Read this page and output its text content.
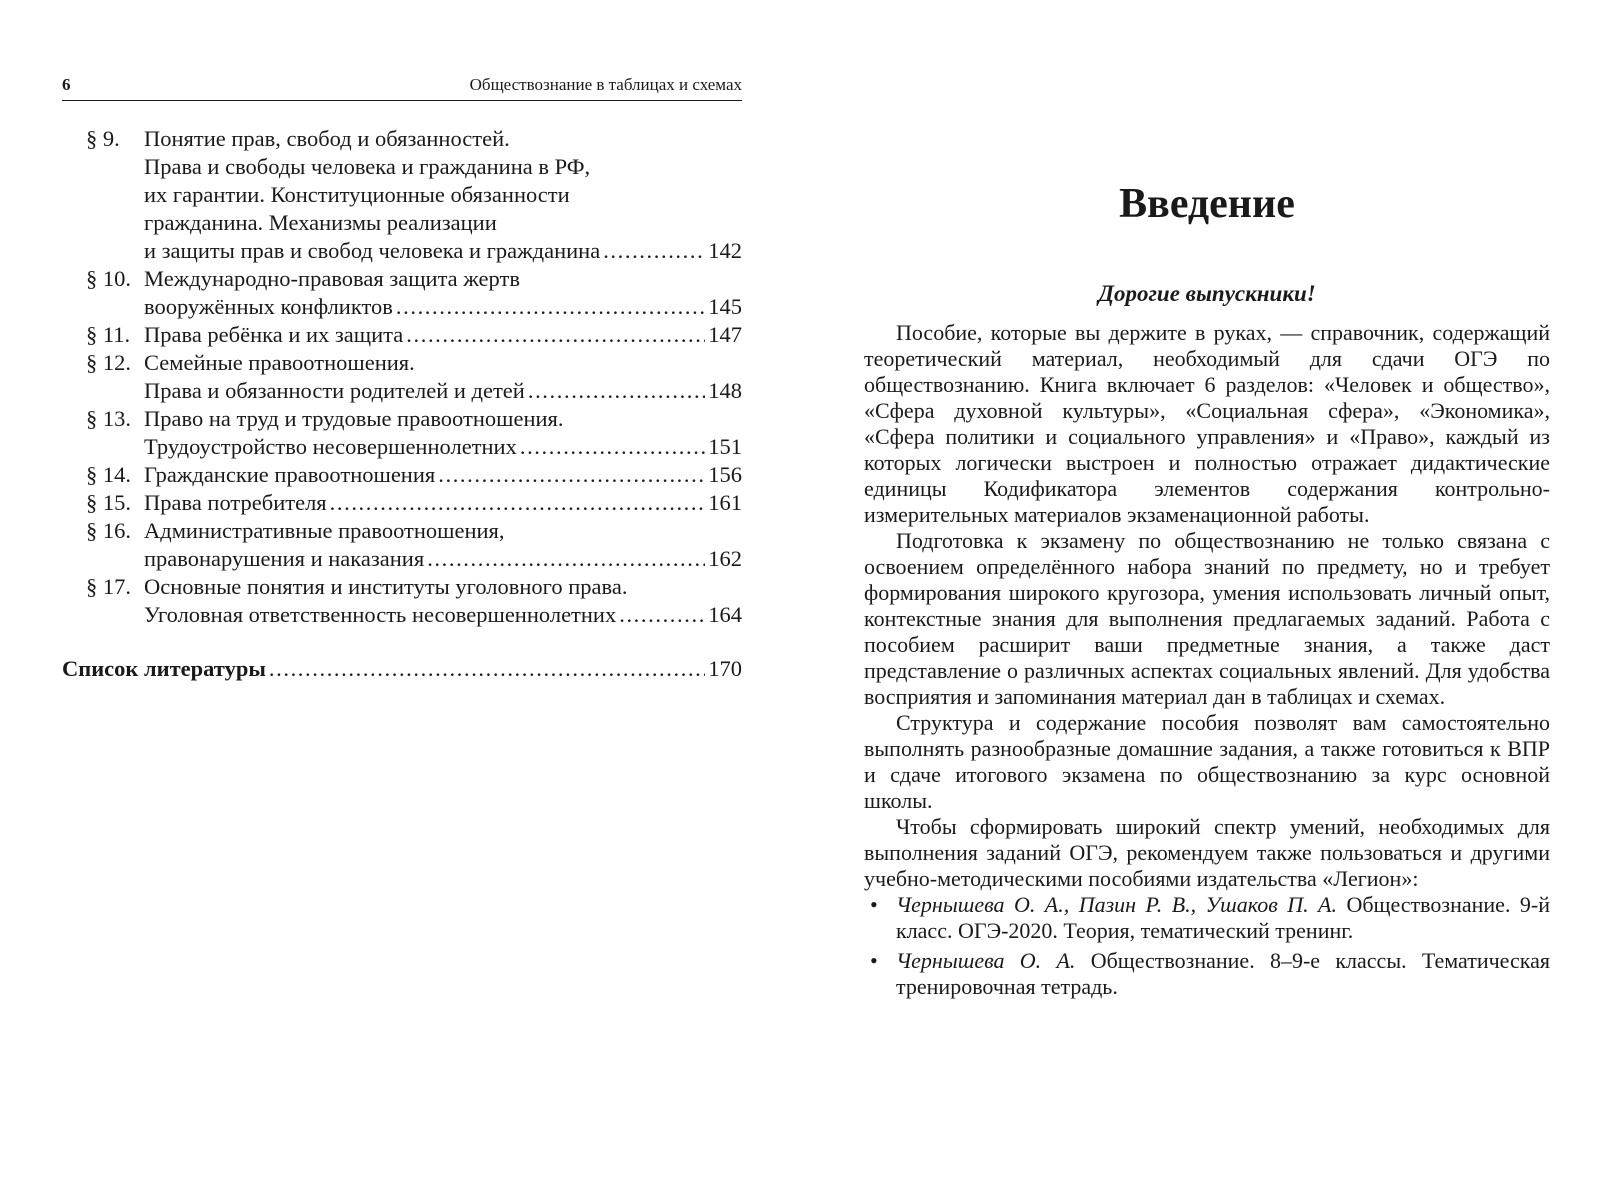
6	Обществознание в таблицах и схемах
§ 9.	Понятие прав, свобод и обязанностей.
Права и свободы человека и гражданина в РФ,
их гарантии. Конституционные обязанности
гражданина. Механизмы реализации
и защиты прав и свобод человека и гражданина .....	142
§ 10. Международно-правовая защита жертв
вооружённых конфликтов .....	145
§ 11. Права ребёнка и их защита .....	147
§ 12. Семейные правоотношения.
Права и обязанности родителей и детей .....	148
§ 13. Право на труд и трудовые правоотношения.
Трудоустройство несовершеннолетних .....	151
§ 14. Гражданские правоотношения .....	156
§ 15. Права потребителя .....	161
§ 16. Административные правоотношения,
правонарушения и наказания .....	162
§ 17. Основные понятия и институты уголовного права.
Уголовная ответственность несовершеннолетних .....	164
Список литературы .....	170
Введение
Дорогие выпускники!

Пособие, которые вы держите в руках, — справочник, содержащий теоретический материал, необходимый для сдачи ОГЭ по обществознанию. Книга включает 6 разделов: «Человек и общество», «Сфера духовной культуры», «Социальная сфера», «Экономика», «Сфера политики и социального управления» и «Право», каждый из которых логически выстроен и полностью отражает дидактические единицы Кодификатора элементов содержания контрольно-измерительных материалов экзаменационной работы.

Подготовка к экзамену по обществознанию не только связана с освоением определённого набора знаний по предмету, но и требует формирования широкого кругозора, умения использовать личный опыт, контекстные знания для выполнения предлагаемых заданий. Работа с пособием расширит ваши предметные знания, а также даст представление о различных аспектах социальных явлений. Для удобства восприятия и запоминания материал дан в таблицах и схемах.

Структура и содержание пособия позволят вам самостоятельно выполнять разнообразные домашние задания, а также готовиться к ВПР и сдаче итогового экзамена по обществознанию за курс основной школы.

Чтобы сформировать широкий спектр умений, необходимых для выполнения заданий ОГЭ, рекомендуем также пользоваться и другими учебно-методическими пособиями издательства «Легион»:

• Чернышева О. А., Пазин Р. В., Ушаков П. А. Обществознание. 9-й класс. ОГЭ-2020. Теория, тематический тренинг.
• Чернышева О. А. Обществознание. 8–9-е классы. Тематическая тренировочная тетрадь.
